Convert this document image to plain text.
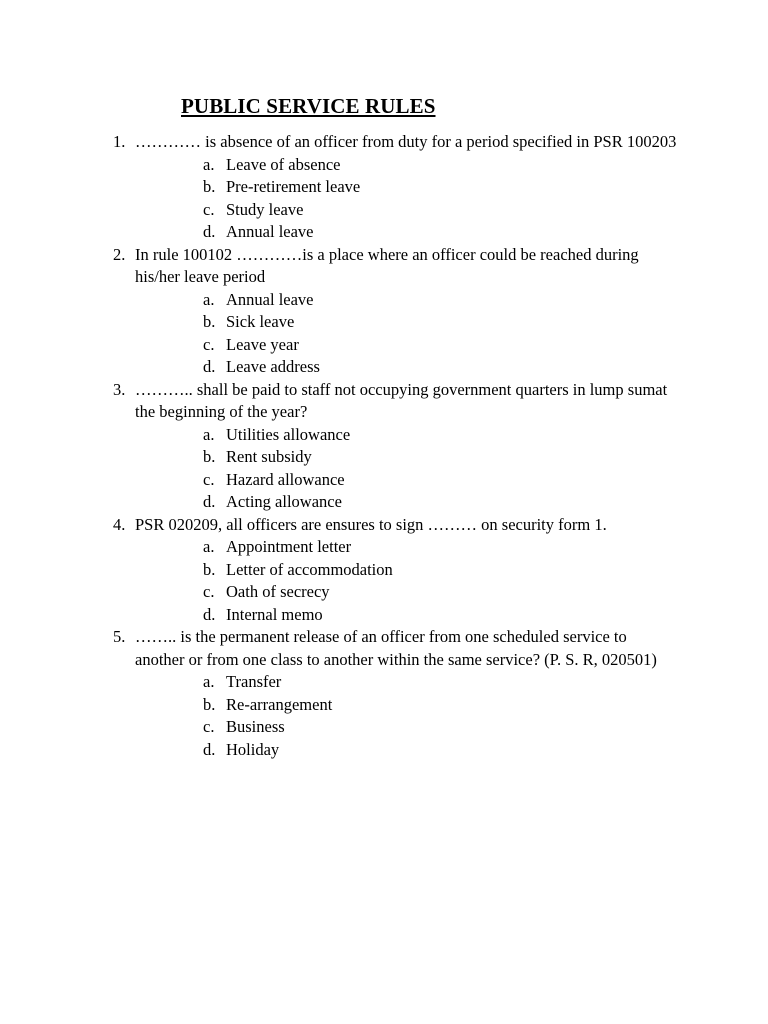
PUBLIC SERVICE RULES
1. ………… is absence of an officer from duty for a period specified in PSR 100203
a. Leave of absence
b. Pre-retirement leave
c. Study leave
d. Annual leave
2. In rule 100102 …………is a place where an officer could be reached during his/her leave period
a. Annual leave
b. Sick leave
c. Leave year
d. Leave address
3. ……….. shall be paid to staff not occupying government quarters in lump sumat the beginning of the year?
a. Utilities allowance
b. Rent subsidy
c. Hazard allowance
d. Acting allowance
4. PSR 020209, all officers are ensures to sign ……… on security form 1.
a. Appointment letter
b. Letter of accommodation
c. Oath of secrecy
d. Internal memo
5. …….. is the permanent release of an officer from one scheduled service to another or from one class to another within the same service? (P. S. R, 020501)
a. Transfer
b. Re-arrangement
c. Business
d. Holiday
